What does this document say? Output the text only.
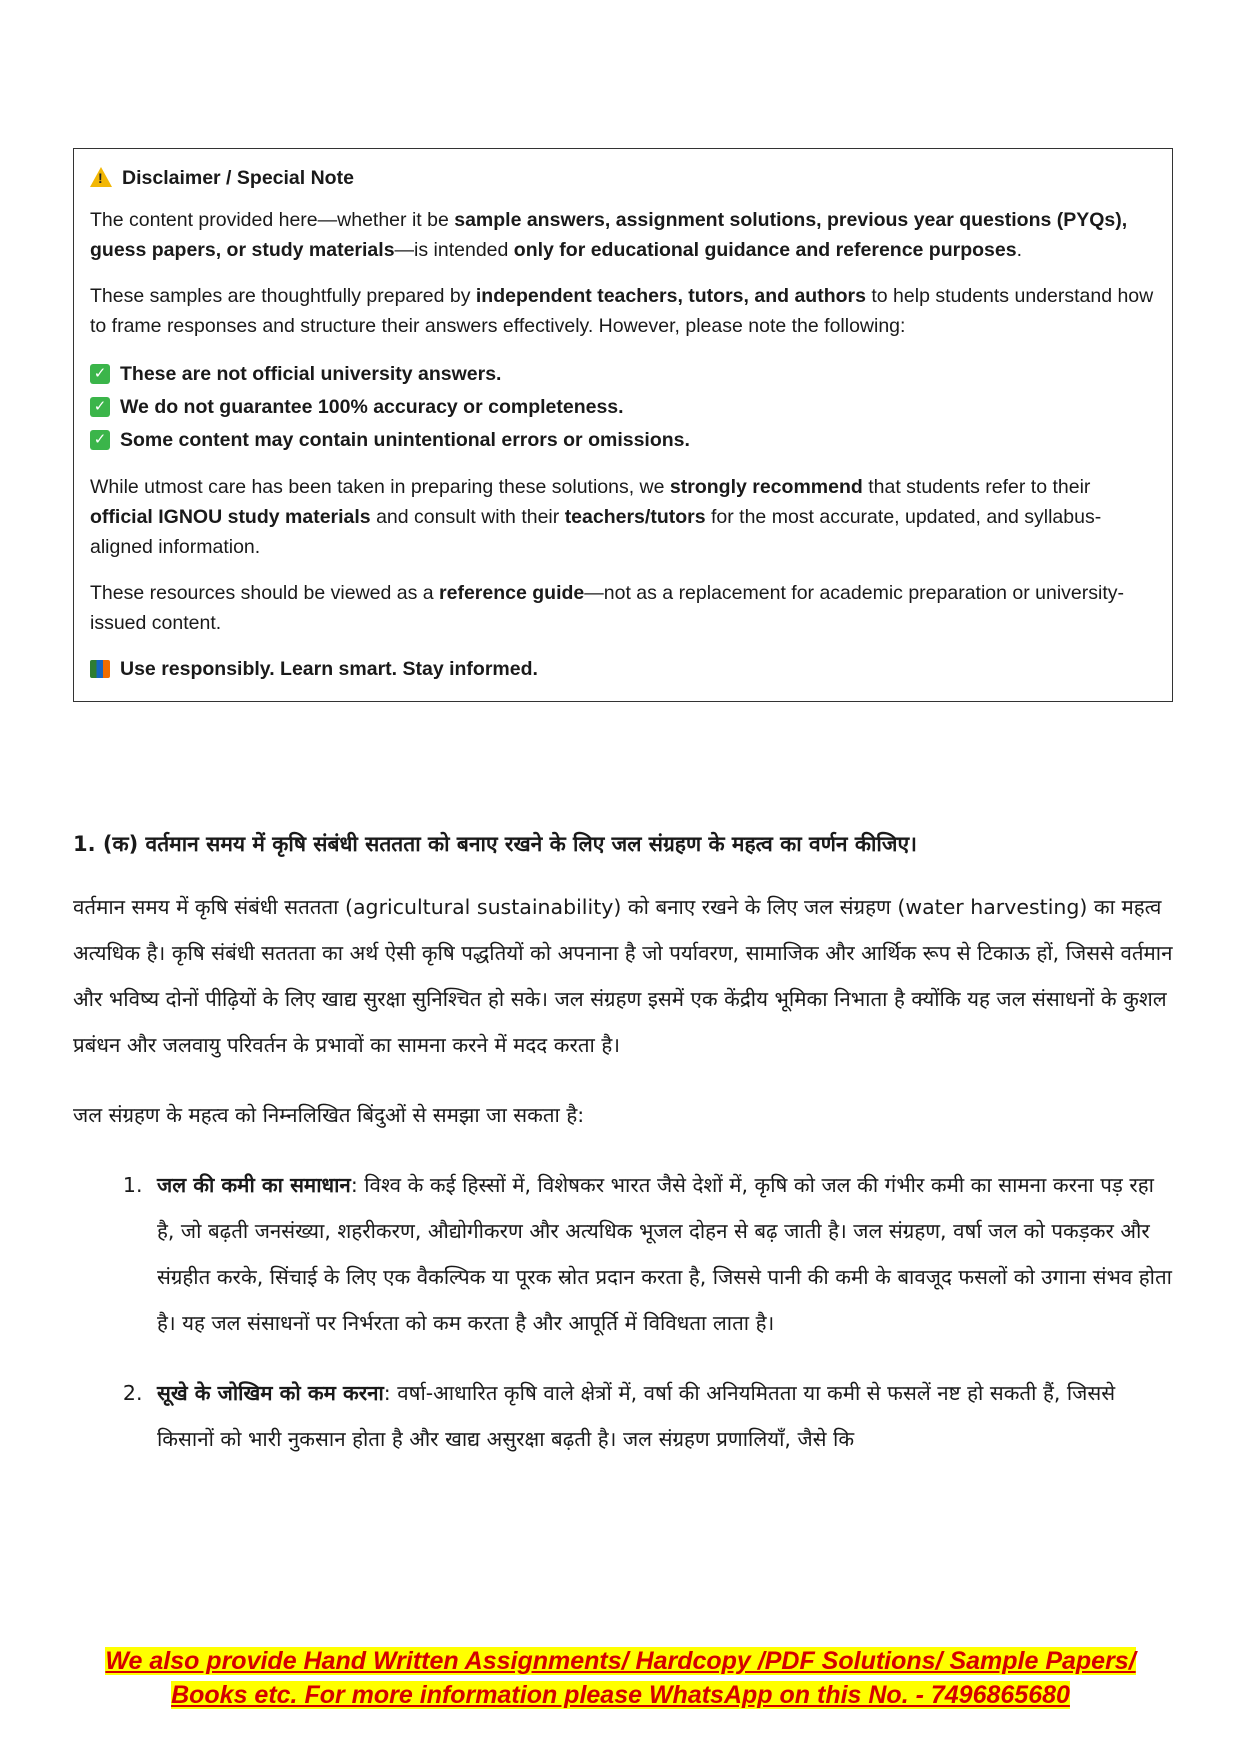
!
Disclaimer / Special Note

The content provided here—whether it be sample answers, assignment solutions, previous year questions (PYQs), guess papers, or study materials—is intended only for educational guidance and reference purposes.

These samples are thoughtfully prepared by independent teachers, tutors, and authors to help students understand how to frame responses and structure their answers effectively. However, please note the following:

✓ These are not official university answers.
✓ We do not guarantee 100% accuracy or completeness.
✓ Some content may contain unintentional errors or omissions.

While utmost care has been taken in preparing these solutions, we strongly recommend that students refer to their official IGNOU study materials and consult with their teachers/tutors for the most accurate, updated, and syllabus-aligned information.

These resources should be viewed as a reference guide—not as a replacement for academic preparation or university-issued content.

Use responsibly. Learn smart. Stay informed.

1. (क) वर्तमान समय में कृषि संबंधी सततता को बनाए रखने के लिए जल संग्रहण के महत्व का वर्णन कीजिए।

वर्तमान समय में कृषि संबंधी सततता (agricultural sustainability) को बनाए रखने के लिए जल संग्रहण (water harvesting) का महत्व अत्यधिक है। कृषि संबंधी सततता का अर्थ ऐसी कृषि पद्धतियों को अपनाना है जो पर्यावरण, सामाजिक और आर्थिक रूप से टिकाऊ हों, जिससे वर्तमान और भविष्य दोनों पीढ़ियों के लिए खाद्य सुरक्षा सुनिश्चित हो सके। जल संग्रहण इसमें एक केंद्रीय भूमिका निभाता है क्योंकि यह जल संसाधनों के कुशल प्रबंधन और जलवायु परिवर्तन के प्रभावों का सामना करने में मदद करता है।

जल संग्रहण के महत्व को निम्नलिखित बिंदुओं से समझा जा सकता है:

1. जल की कमी का समाधान: विश्व के कई हिस्सों में, विशेषकर भारत जैसे देशों में, कृषि को जल की गंभीर कमी का सामना करना पड़ रहा है, जो बढ़ती जनसंख्या, शहरीकरण, औद्योगीकरण और अत्यधिक भूजल दोहन से बढ़ जाती है। जल संग्रहण, वर्षा जल को पकड़कर और संग्रहीत करके, सिंचाई के लिए एक वैकल्पिक या पूरक स्रोत प्रदान करता है, जिससे पानी की कमी के बावजूद फसलों को उगाना संभव होता है। यह जल संसाधनों पर निर्भरता को कम करता है और आपूर्ति में विविधता लाता है।
2. सूखे के जोखिम को कम करना: वर्षा-आधारित कृषि वाले क्षेत्रों में, वर्षा की अनियमितता या कमी से फसलें नष्ट हो सकती हैं, जिससे किसानों को भारी नुकसान होता है और खाद्य असुरक्षा बढ़ती है। जल संग्रहण प्रणालियाँ, जैसे कि
We also provide Hand Written Assignments/ Hardcopy /PDF Solutions/ Sample Papers/
Books etc. For more information please WhatsApp on this No. - 7496865680
